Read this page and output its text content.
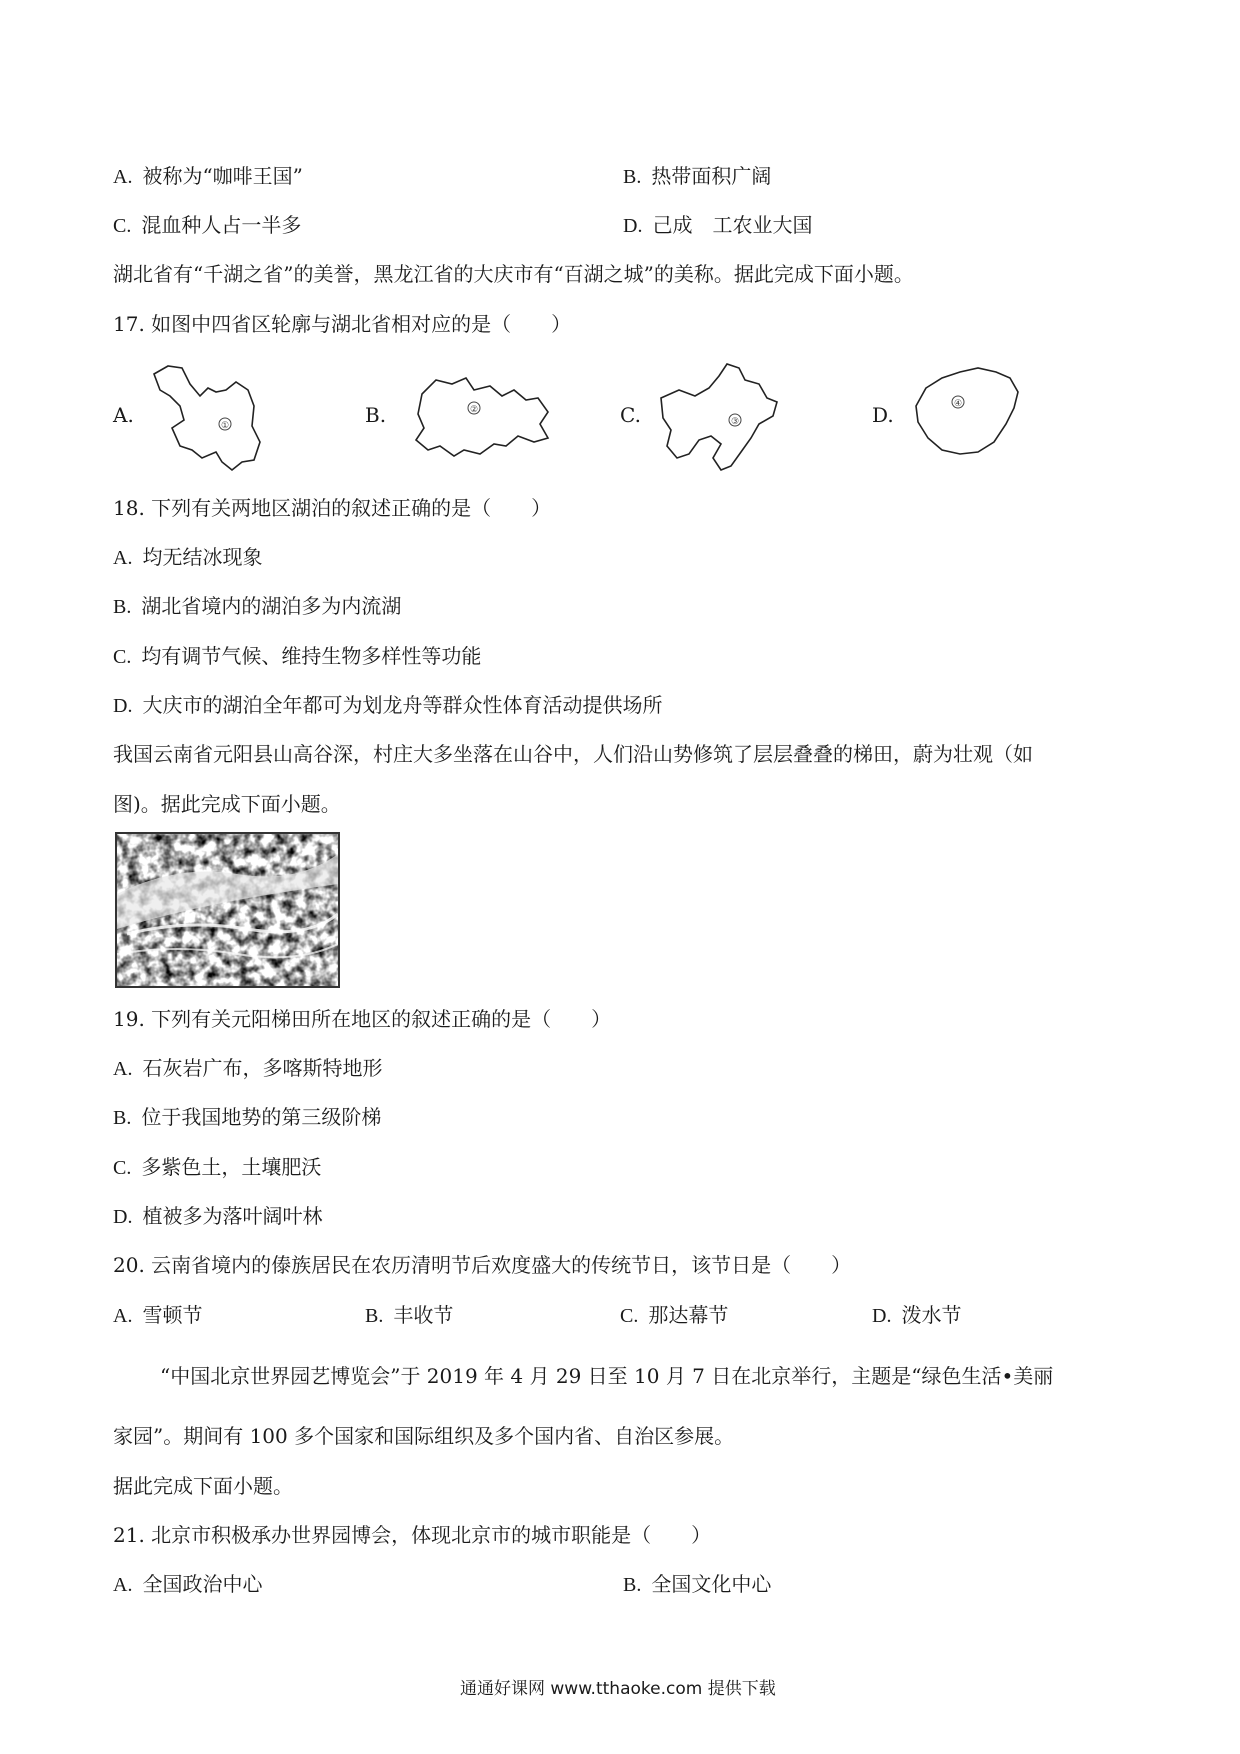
A. 被称为“咖啡王国”	B. 热带面积广阔
C. 混血种人占一半多	D. 己成　工农业大国
湖北省有“千湖之省”的美誉，黑龙江省的大庆市有“百湖之城”的美称。据此完成下面小题。
17. 如图中四省区轮廓与湖北省相对应的是（　　）
A.	①	B.	②	C.	③	D.	④
18. 下列有关两地区湖泊的叙述正确的是（　　）
A. 均无结冰现象
B. 湖北省境内的湖泊多为内流湖
C. 均有调节气候、维持生物多样性等功能
D. 大庆市的湖泊全年都可为划龙舟等群众性体育活动提供场所
我国云南省元阳县山高谷深，村庄大多坐落在山谷中，人们沿山势修筑了层层叠叠的梯田，蔚为壮观（如
图)。据此完成下面小题。
19. 下列有关元阳梯田所在地区的叙述正确的是（　　）
A. 石灰岩广布，多喀斯特地形
B. 位于我国地势的第三级阶梯
C. 多紫色土，土壤肥沃
D. 植被多为落叶阔叶林
20. 云南省境内的傣族居民在农历清明节后欢度盛大的传统节日，该节日是（　　）
A. 雪顿节	B. 丰收节	C. 那达幕节	D. 泼水节
“中国北京世界园艺博览会”于 2019 年 4 月 29 日至 10 月 7 日在北京举行，主题是“绿色生活•美丽
家园”。期间有 100 多个国家和国际组织及多个国内省、自治区参展。
据此完成下面小题。
21. 北京市积极承办世界园博会，体现北京市的城市职能是（　　）
A. 全国政治中心	B. 全国文化中心
通通好课网 www.tthaoke.com 提供下载
